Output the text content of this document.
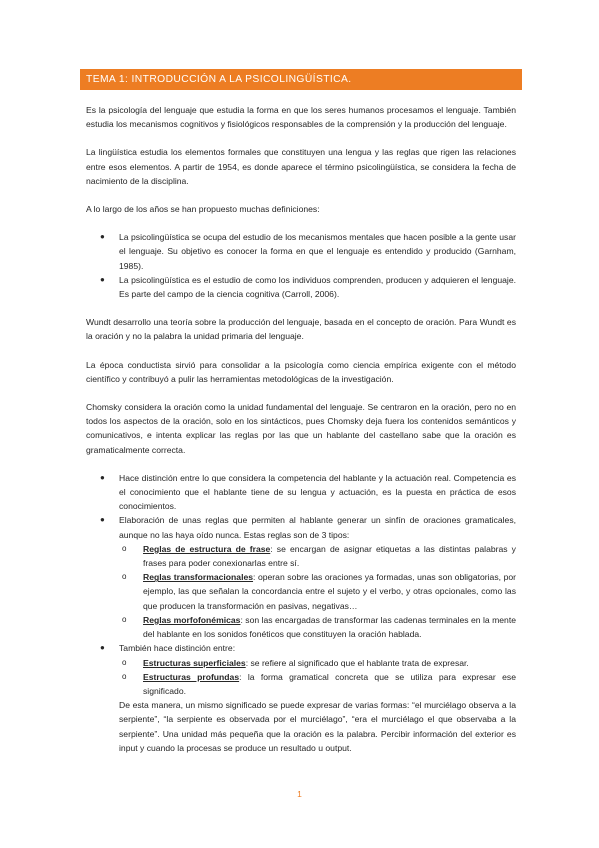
TEMA 1: INTRODUCCIÓN A LA PSICOLINGÜÍSTICA.

Es la psicología del lenguaje que estudia la forma en que los seres humanos procesamos el lenguaje. También estudia los mecanismos cognitivos y fisiológicos responsables de la comprensión y la producción del lenguaje.

La lingüística estudia los elementos formales que constituyen una lengua y las reglas que rigen las relaciones entre esos elementos. A partir de 1954, es donde aparece el término psicolingüística, se considera la fecha de nacimiento de la disciplina.

A lo largo de los años se han propuesto muchas definiciones:

● La psicolingüística se ocupa del estudio de los mecanismos mentales que hacen posible a la gente usar el lenguaje. Su objetivo es conocer la forma en que el lenguaje es entendido y producido (Garnham, 1985).
● La psicolingüística es el estudio de como los individuos comprenden, producen y adquieren el lenguaje. Es parte del campo de la ciencia cognitiva (Carroll, 2006).

Wundt desarrollo una teoría sobre la producción del lenguaje, basada en el concepto de oración. Para Wundt es la oración y no la palabra la unidad primaria del lenguaje.

La época conductista sirvió para consolidar a la psicología como ciencia empírica exigente con el método científico y contribuyó a pulir las herramientas metodológicas de la investigación.

Chomsky considera la oración como la unidad fundamental del lenguaje. Se centraron en la oración, pero no en todos los aspectos de la oración, solo en los sintácticos, pues Chomsky deja fuera los contenidos semánticos y comunicativos, e intenta explicar las reglas por las que un hablante del castellano sabe que la oración es gramaticalmente correcta.

● Hace distinción entre lo que considera la competencia del hablante y la actuación real. Competencia es el conocimiento que el hablante tiene de su lengua y actuación, es la puesta en práctica de esos conocimientos.
● Elaboración de unas reglas que permiten al hablante generar un sinfín de oraciones gramaticales, aunque no las haya oído nunca. Estas reglas son de 3 tipos:
o Reglas de estructura de frase: se encargan de asignar etiquetas a las distintas palabras y frases para poder conexionarlas entre sí.
o Reglas transformacionales: operan sobre las oraciones ya formadas, unas son obligatorias, por ejemplo, las que señalan la concordancia entre el sujeto y el verbo, y otras opcionales, como las que producen la transformación en pasivas, negativas…
o Reglas morfofonémicas: son las encargadas de transformar las cadenas terminales en la mente del hablante en los sonidos fonéticos que constituyen la oración hablada.
● También hace distinción entre:
o Estructuras superficiales: se refiere al significado que el hablante trata de expresar.
o Estructuras profundas: la forma gramatical concreta que se utiliza para expresar ese significado.

De esta manera, un mismo significado se puede expresar de varias formas: “el murciélago observa a la serpiente”, “la serpiente es observada por el murciélago”, “era el murciélago el que observaba a la serpiente”. Una unidad más pequeña que la oración es la palabra. Percibir información del exterior es input y cuando la procesas se produce un resultado u output.

1
